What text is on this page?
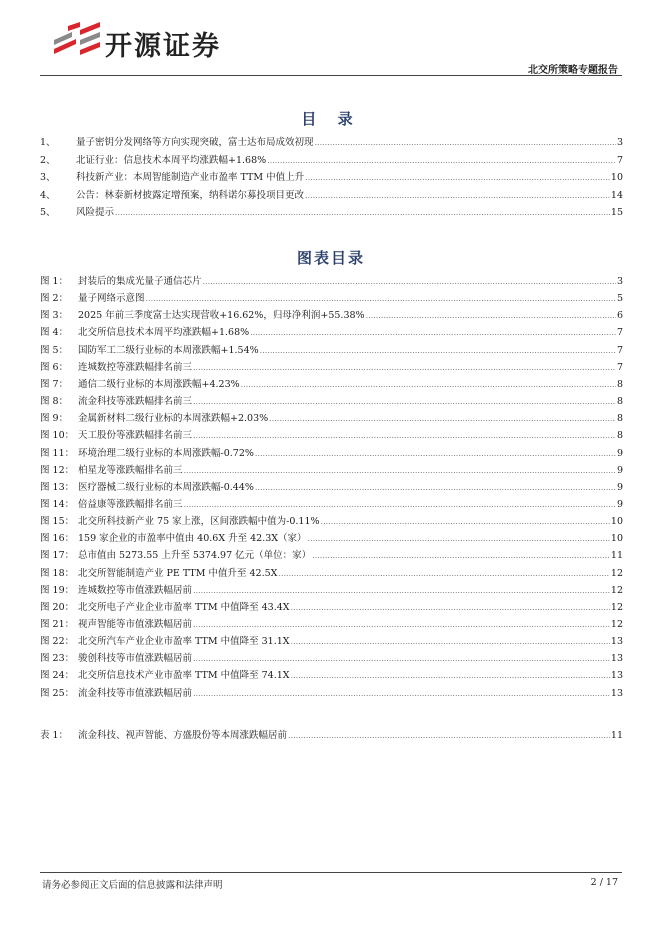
开源证券
北交所策略专题报告
目 录
1、	量子密钥分发网络等方向实现突破，富士达布局成效初现 .....	3
2、	北证行业：信息技术本周平均涨跌幅+1.68% .....	7
3、	科技新产业：本周智能制造产业市盈率 TTM 中值上升 .....	10
4、	公告：林泰新材披露定增预案，纳科诺尔募投项目更改 .....	14
5、	风险提示 .....	15
图表目录
图 1：	封装后的集成光量子通信芯片 .....	3
图 2：	量子网络示意图 .....	5
图 3：	2025 年前三季度富士达实现营收+16.62%，归母净利润+55.38% .....	6
图 4：	北交所信息技术本周平均涨跌幅+1.68% .....	7
图 5：	国防军工二级行业标的本周涨跌幅+1.54% .....	7
图 6：	连城数控等涨跌幅排名前三 .....	7
图 7：	通信二级行业标的本周涨跌幅+4.23% .....	8
图 8：	流金科技等涨跌幅排名前三 .....	8
图 9：	金属新材料二级行业标的本周涨跌幅+2.03% .....	8
图 10： 天工股份等涨跌幅排名前三 .....	8
图 11： 环境治理二级行业标的本周涨跌幅-0.72% .....	9
图 12： 柏星龙等涨跌幅排名前三 .....	9
图 13： 医疗器械二级行业标的本周涨跌幅-0.44% .....	9
图 14： 倍益康等涨跌幅排名前三 .....	9
图 15： 北交所科技新产业 75 家上涨，区间涨跌幅中值为-0.11% .....	10
图 16： 159 家企业的市盈率中值由 40.6X 升至 42.3X（家） .....	10
图 17： 总市值由 5273.55 上升至 5374.97 亿元（单位：家） .....	11
图 18： 北交所智能制造产业 PE TTM 中值升至 42.5X .....	12
图 19： 连城数控等市值涨跌幅居前 .....	12
图 20： 北交所电子产业企业市盈率 TTM 中值降至 43.4X .....	12
图 21： 视声智能等市值涨跌幅居前 .....	12
图 22： 北交所汽车产业企业市盈率 TTM 中值降至 31.1X .....	13
图 23： 骏创科技等市值涨跌幅居前 .....	13
图 24： 北交所信息技术产业市盈率 TTM 中值降至 74.1X .....	13
图 25： 流金科技等市值涨跌幅居前 .....	13
表 1：	流金科技、视声智能、方盛股份等本周涨跌幅居前 .....	11
请务必参阅正文后面的信息披露和法律声明	2 / 17
